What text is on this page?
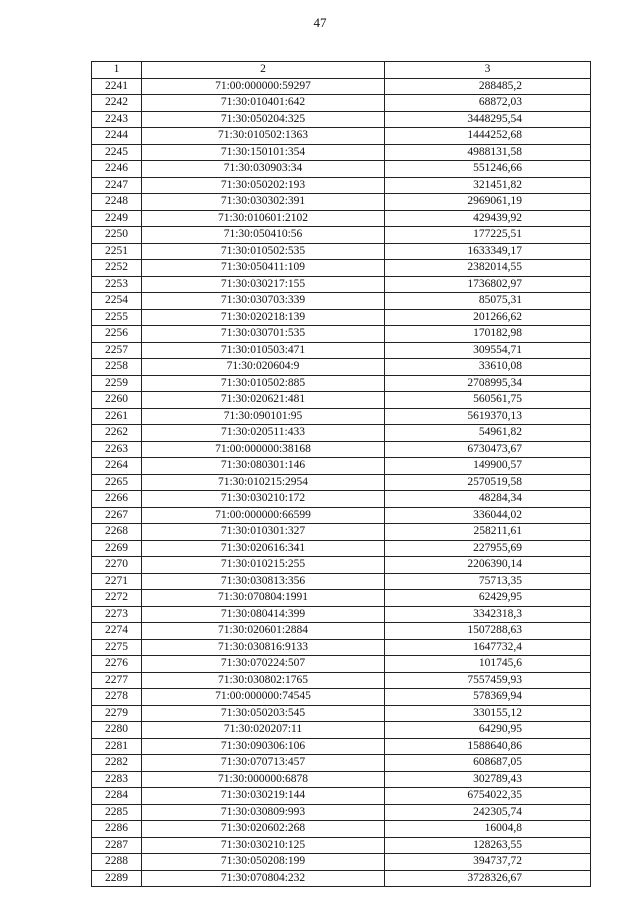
47
1	2	3
2241	71:00:000000:59297	288485,2
2242	71:30:010401:642	68872,03
2243	71:30:050204:325	3448295,54
2244	71:30:010502:1363	1444252,68
2245	71:30:150101:354	4988131,58
2246	71:30:030903:34	551246,66
2247	71:30:050202:193	321451,82
2248	71:30:030302:391	2969061,19
2249	71:30:010601:2102	429439,92
2250	71:30:050410:56	177225,51
2251	71:30:010502:535	1633349,17
2252	71:30:050411:109	2382014,55
2253	71:30:030217:155	1736802,97
2254	71:30:030703:339	85075,31
2255	71:30:020218:139	201266,62
2256	71:30:030701:535	170182,98
2257	71:30:010503:471	309554,71
2258	71:30:020604:9	33610,08
2259	71:30:010502:885	2708995,34
2260	71:30:020621:481	560561,75
2261	71:30:090101:95	5619370,13
2262	71:30:020511:433	54961,82
2263	71:00:000000:38168	6730473,67
2264	71:30:080301:146	149900,57
2265	71:30:010215:2954	2570519,58
2266	71:30:030210:172	48284,34
2267	71:00:000000:66599	336044,02
2268	71:30:010301:327	258211,61
2269	71:30:020616:341	227955,69
2270	71:30:010215:255	2206390,14
2271	71:30:030813:356	75713,35
2272	71:30:070804:1991	62429,95
2273	71:30:080414:399	3342318,3
2274	71:30:020601:2884	1507288,63
2275	71:30:030816:9133	1647732,4
2276	71:30:070224:507	101745,6
2277	71:30:030802:1765	7557459,93
2278	71:00:000000:74545	578369,94
2279	71:30:050203:545	330155,12
2280	71:30:020207:11	64290,95
2281	71:30:090306:106	1588640,86
2282	71:30:070713:457	608687,05
2283	71:30:000000:6878	302789,43
2284	71:30:030219:144	6754022,35
2285	71:30:030809:993	242305,74
2286	71:30:020602:268	16004,8
2287	71:30:030210:125	128263,55
2288	71:30:050208:199	394737,72
2289	71:30:070804:232	3728326,67
